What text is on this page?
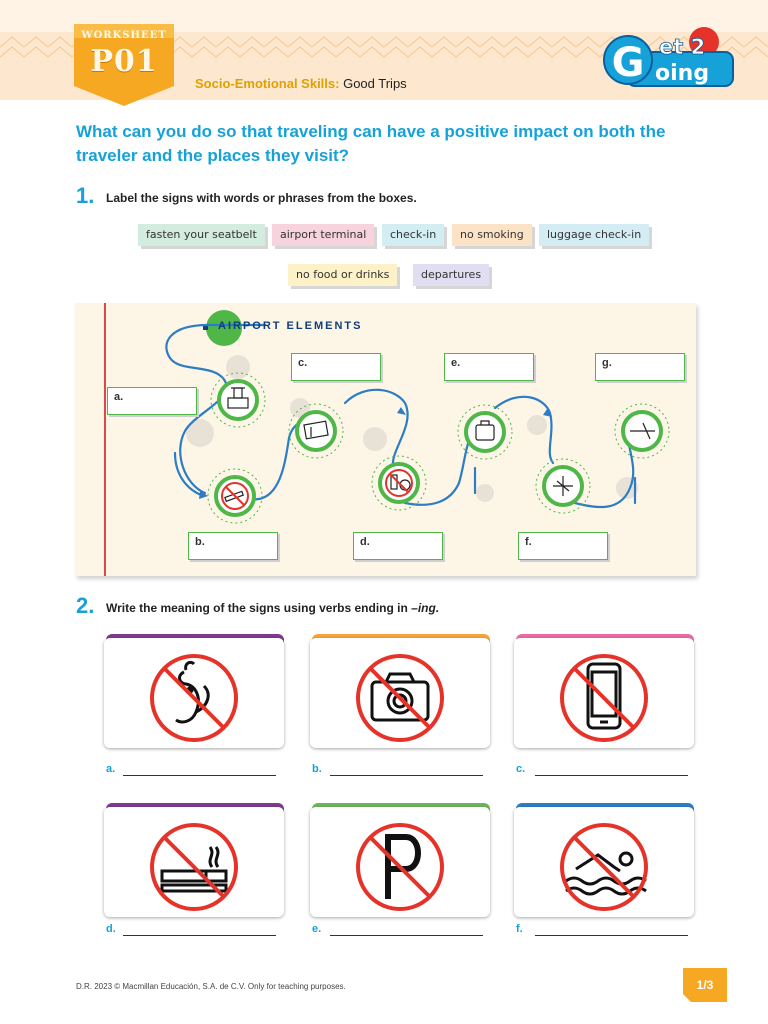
WORKSHEET
P01
Socio-Emotional Skills: Good Trips	G et 2
oing
What can you do so that traveling can have a positive impact on both the traveler and the places they visit?
1. Label the signs with words or phrases from the boxes.
fasten your seatbelt	airport terminal	check-in	no smoking	luggage check-in
no food or drinks	departures
AIRPORT ELEMENTS
a.
b.
c.
d.
e.
f.
g.
2. Write the meaning of the signs using verbs ending in –ing.
a.	b.	c.
d.	e.	f.
D.R. 2023 © Macmillan Educación, S.A. de C.V. Only for teaching purposes.	1/3
